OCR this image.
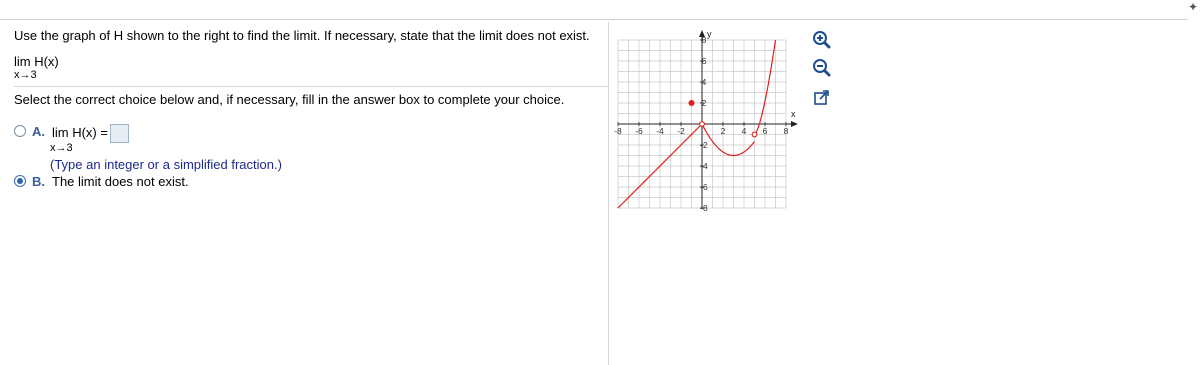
✦
Use the graph of H shown to the right to find the limit. If necessary, state that the limit does not exist.
lim H(x)
x→3
Select the correct choice below and, if necessary, fill in the answer box to complete your choice.
A. lim H(x) =
x→3
(Type an integer or a simplified fraction.)
B. The limit does not exist.
x
y
-8 -6 -4 -2	2 4 6 8
8
6
4
2
-2
-4
-6
-8
